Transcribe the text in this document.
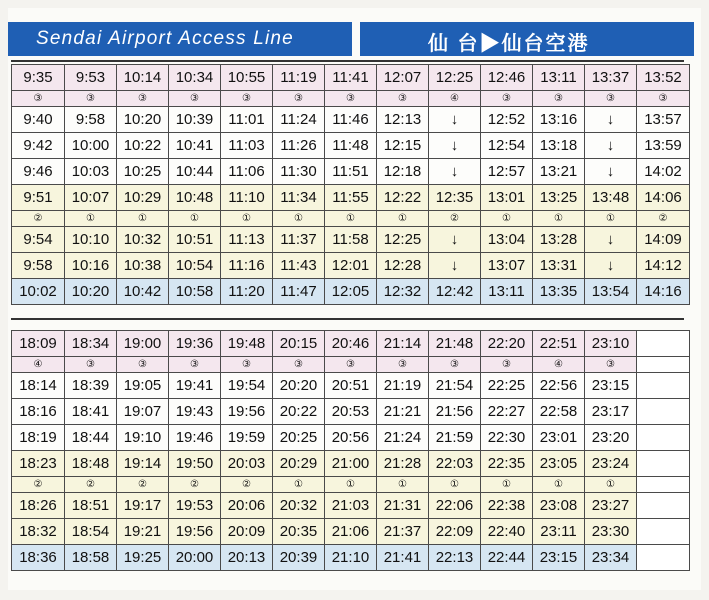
Sendai Airport Access Line	仙 台▶仙台空港
9:35	9:53	10:14	10:34	10:55	11:19	11:41	12:07	12:25	12:46	13:11	13:37	13:52
③	③	③	③	③	③	③	③	④	③	③	③	③
9:40	9:58	10:20	10:39	11:01	11:24	11:46	12:13	↓	12:52	13:16	↓	13:57
9:42	10:00	10:22	10:41	11:03	11:26	11:48	12:15	↓	12:54	13:18	↓	13:59
9:46	10:03	10:25	10:44	11:06	11:30	11:51	12:18	↓	12:57	13:21	↓	14:02
9:51	10:07	10:29	10:48	11:10	11:34	11:55	12:22	12:35	13:01	13:25	13:48	14:06
②	①	①	①	①	①	①	①	②	①	①	①	②
9:54	10:10	10:32	10:51	11:13	11:37	11:58	12:25	↓	13:04	13:28	↓	14:09
9:58	10:16	10:38	10:54	11:16	11:43	12:01	12:28	↓	13:07	13:31	↓	14:12
10:02	10:20	10:42	10:58	11:20	11:47	12:05	12:32	12:42	13:11	13:35	13:54	14:16
18:09	18:34	19:00	19:36	19:48	20:15	20:46	21:14	21:48	22:20	22:51	23:10	
④	③	③	③	③	③	③	③	③	③	④	③	
18:14	18:39	19:05	19:41	19:54	20:20	20:51	21:19	21:54	22:25	22:56	23:15	
18:16	18:41	19:07	19:43	19:56	20:22	20:53	21:21	21:56	22:27	22:58	23:17	
18:19	18:44	19:10	19:46	19:59	20:25	20:56	21:24	21:59	22:30	23:01	23:20	
18:23	18:48	19:14	19:50	20:03	20:29	21:00	21:28	22:03	22:35	23:05	23:24	
②	②	②	②	②	①	①	①	①	①	①	①	
18:26	18:51	19:17	19:53	20:06	20:32	21:03	21:31	22:06	22:38	23:08	23:27	
18:32	18:54	19:21	19:56	20:09	20:35	21:06	21:37	22:09	22:40	23:11	23:30	
18:36	18:58	19:25	20:00	20:13	20:39	21:10	21:41	22:13	22:44	23:15	23:34	
